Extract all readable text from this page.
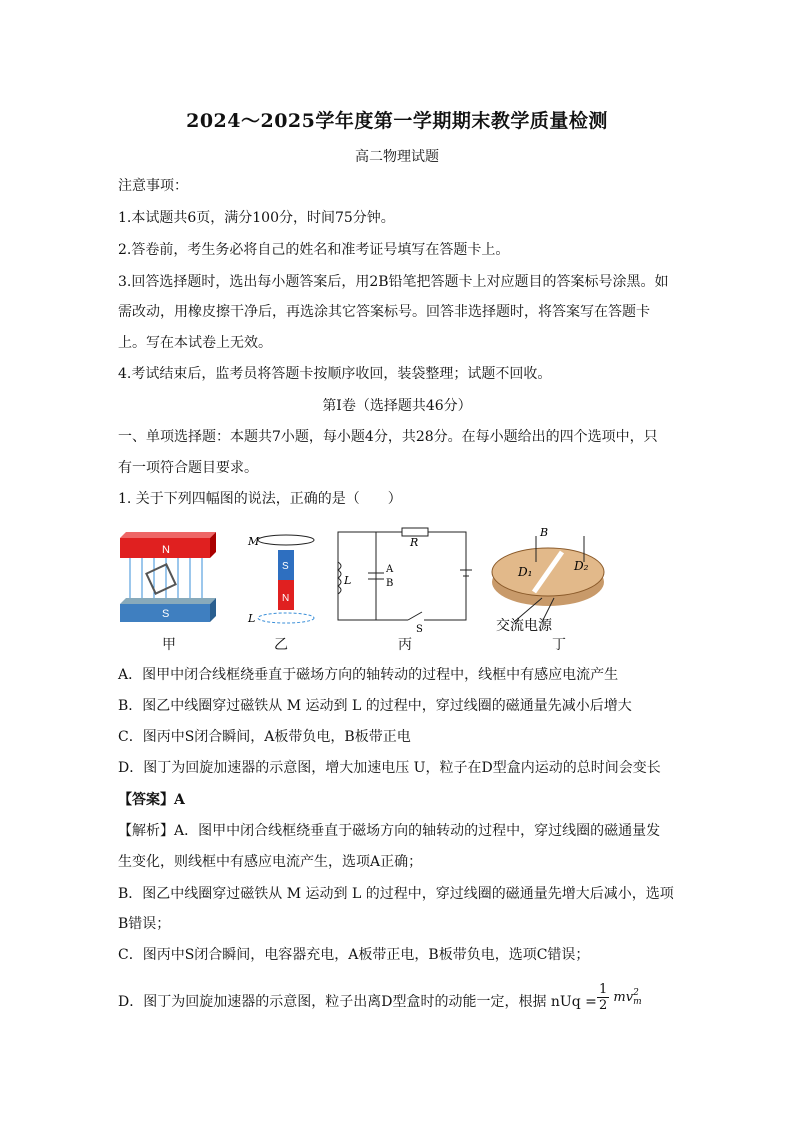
2024～2025学年度第一学期期末教学质量检测
高二物理试题
注意事项：
1.本试题共6页，满分100分，时间75分钟。
2.答卷前，考生务必将自己的姓名和准考证号填写在答题卡上。
3.回答选择题时，选出每小题答案后，用2B铅笔把答题卡上对应题目的答案标号涂黑。如
需改动，用橡皮擦干净后，再选涂其它答案标号。回答非选择题时，将答案写在答题卡
上。写在本试卷上无效。
4.考试结束后，监考员将答题卡按顺序收回，装袋整理；试题不回收。
第Ⅰ卷（选择题共46分）
一、单项选择题：本题共7小题，每小题4分，共28分。在每小题给出的四个选项中，只
有一项符合题目要求。
1. 关于下列四幅图的说法，正确的是（　　）
N
S
M
S
N
L
R
L
A
B
S
B
D₁	D₂
交流电源
甲	乙	丙	丁
A．图甲中闭合线框绕垂直于磁场方向的轴转动的过程中，线框中有感应电流产生
B．图乙中线圈穿过磁铁从 M 运动到 L 的过程中，穿过线圈的磁通量先减小后增大
C．图丙中S闭合瞬间，A板带负电，B板带正电
D．图丁为回旋加速器的示意图，增大加速电压 U，粒子在D型盒内运动的总时间会变长
【答案】A
【解析】A．图甲中闭合线框绕垂直于磁场方向的轴转动的过程中，穿过线圈的磁通量发
生变化，则线框中有感应电流产生，选项A正确；
B．图乙中线圈穿过磁铁从 M 运动到 L 的过程中，穿过线圈的磁通量先增大后减小，选项
B错误；
C．图丙中S闭合瞬间，电容器充电，A板带正电，B板带负电，选项C错误；
D．图丁为回旋加速器的示意图，粒子出离D型盒时的动能一定，根据 nUq = $\frac{1}{2}$ mv 2
m
